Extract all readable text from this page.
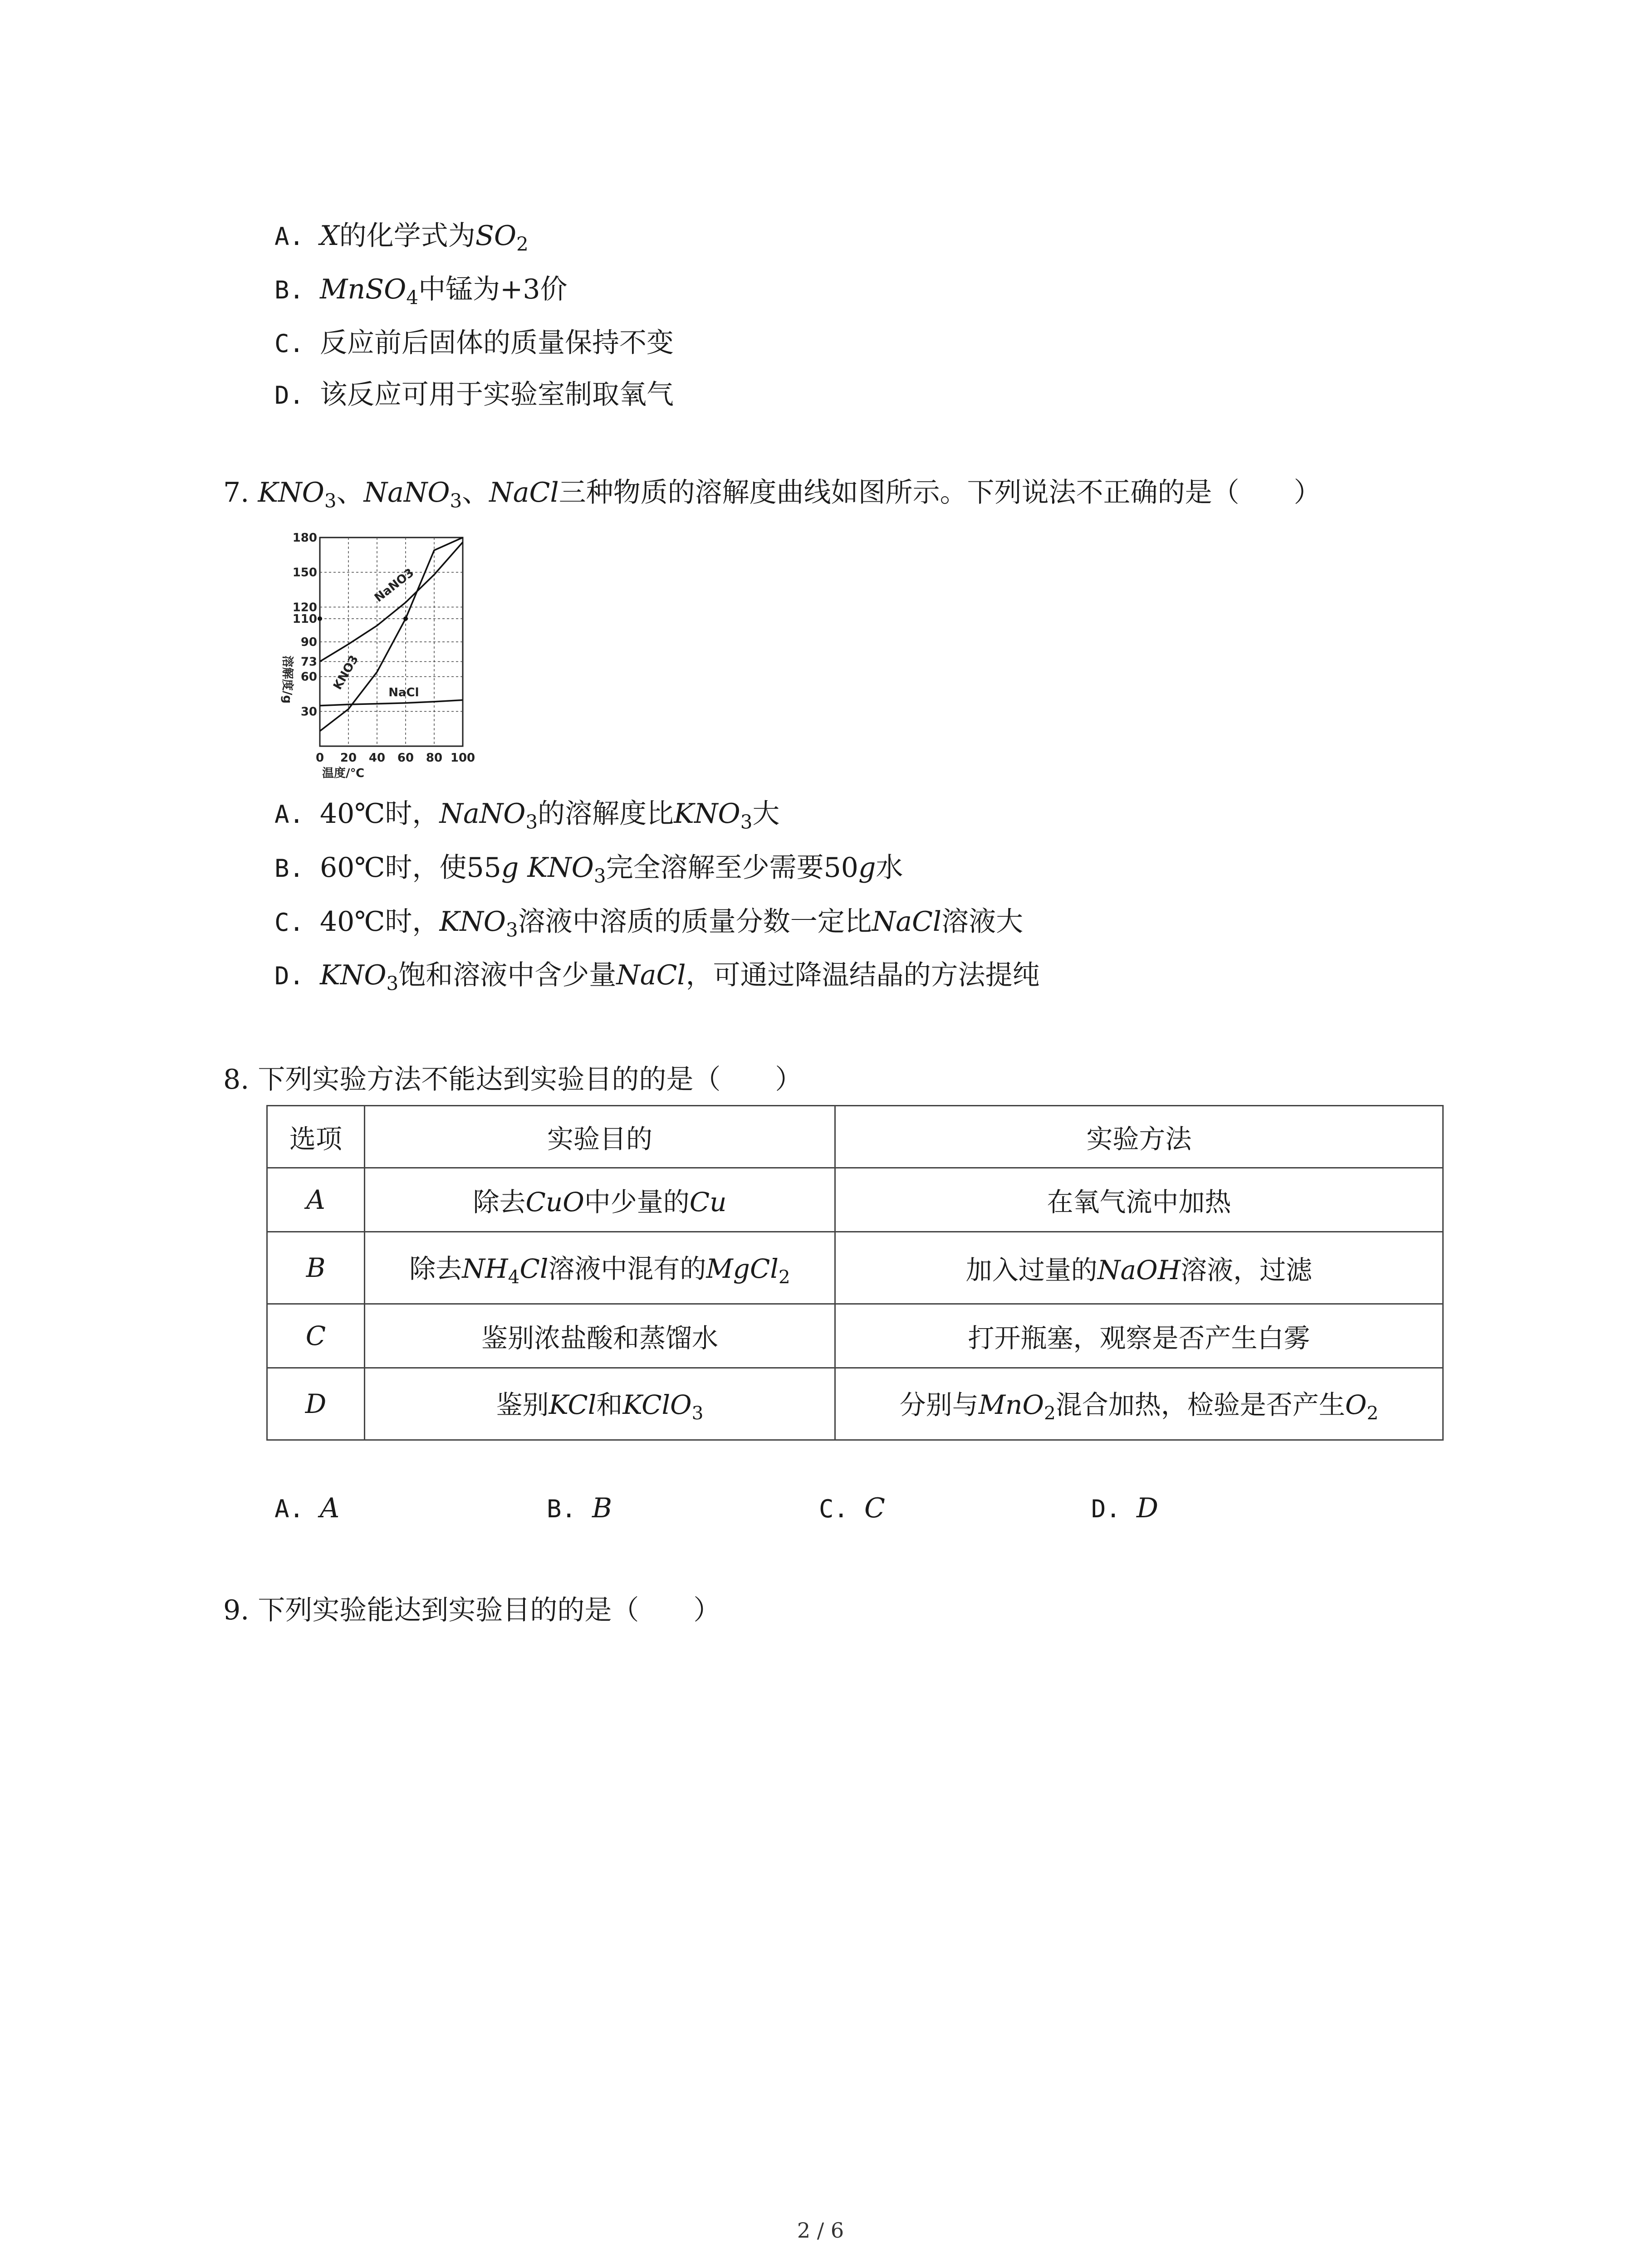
A. X的化学式为$SO_2$
B. MnSO$_4$中锰为+3价
C. 反应前后固体的质量保持不变
D. 该反应可用于实验室制取氧气
7. $KNO_3$、NaNO$_3$、NaCl三种物质的溶解度曲线如图所示。下列说法不正确的是（　　）
NaNO3
KNO3
NaCl
0 20 40 60 80 100
30
60
73
90
110
120
150
180
溶解度/g
温度/℃
A. 40℃时，NaNO$_3$的溶解度比$KNO_3$大
B. 60℃时，使55g $KNO_3$完全溶解至少需要50g水
C. 40℃时，$KNO_3$溶液中溶质的质量分数一定比NaCl溶液大
D. $KNO_3$饱和溶液中含少量NaCl，可通过降温结晶的方法提纯
8. 下列实验方法不能达到实验目的的是（　　）
选项	实验目的	实验方法
A	除去CuO中少量的Cu	在氧气流中加热
B	除去$NH_4Cl$溶液中混有的MgCl$_2$	加入过量的NaOH溶液，过滤
C	鉴别浓盐酸和蒸馏水	打开瓶塞，观察是否产生白雾
D	鉴别KCl和KClO$_3$	分别与MnO$_2$混合加热，检验是否产生$O_2$
A. A	B. B	C. C	D. D
9. 下列实验能达到实验目的的是（　　）
2 / 6
